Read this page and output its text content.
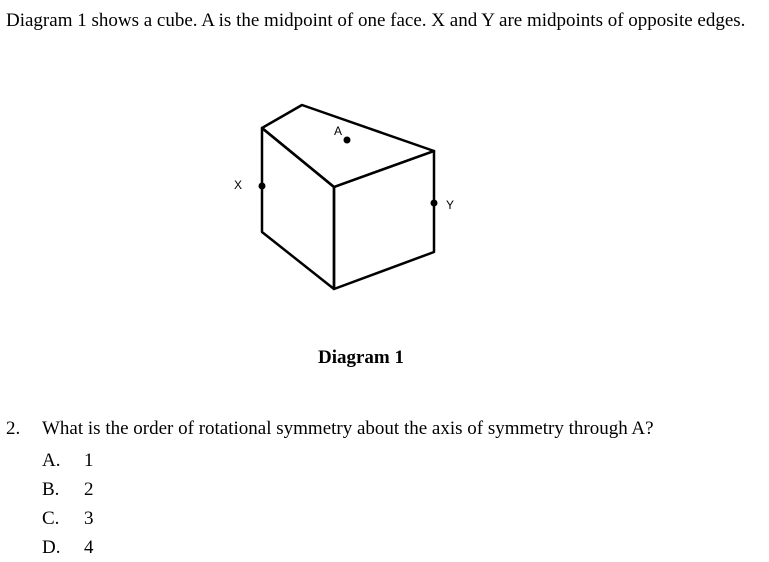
Diagram 1 shows a cube. A is the midpoint of one face. X and Y are midpoints of opposite edges.

A
X
Y

Diagram 1

2. What is the order of rotational symmetry about the axis of symmetry through A?
A. 1
B. 2
C. 3
D. 4
